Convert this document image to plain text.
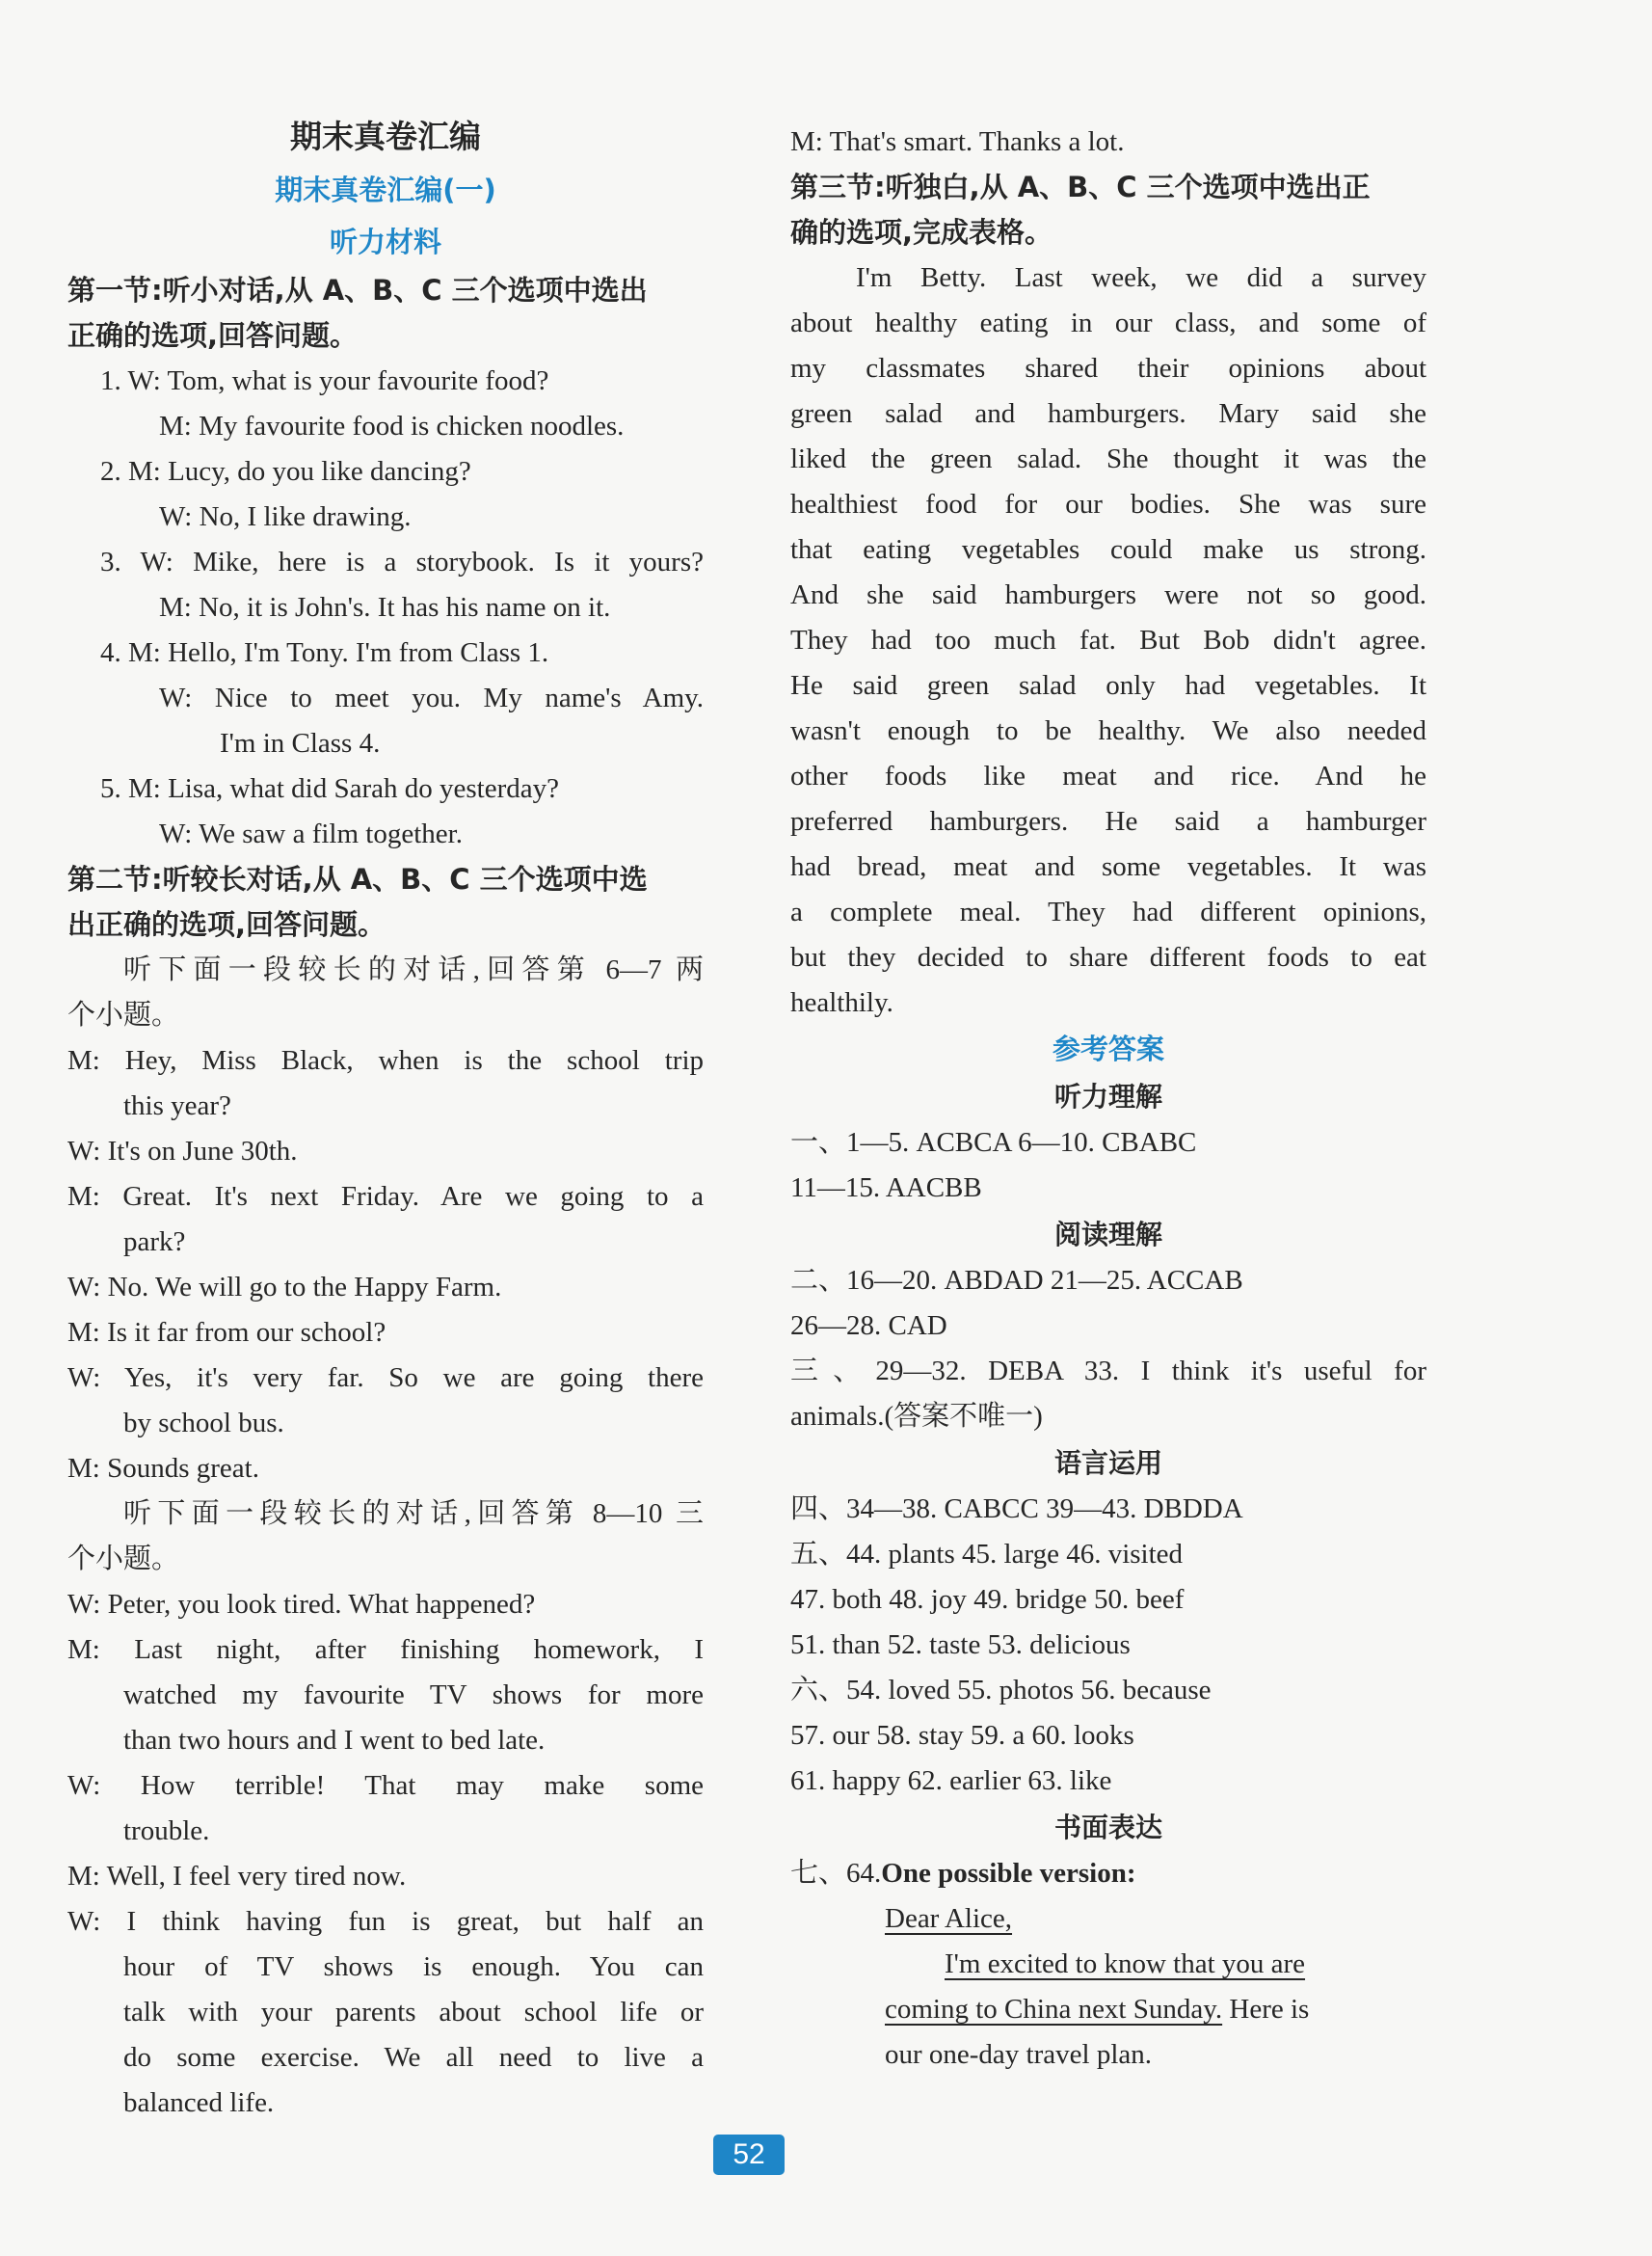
期末真卷汇编
期末真卷汇编(一)
听力材料
第一节:听小对话,从 A、B、C 三个选项中选出
正确的选项,回答问题。
1. W: Tom, what is your favourite food?
M: My favourite food is chicken noodles.
2. M: Lucy, do you like dancing?
W: No, I like drawing.
3. W: Mike, here is a storybook. Is it yours?
M: No, it is John's. It has his name on it.
4. M: Hello, I'm Tony. I'm from Class 1.
W: Nice to meet you. My name's Amy.
I'm in Class 4.
5. M: Lisa, what did Sarah do yesterday?
W: We saw a film together.
第二节:听较长对话,从 A、B、C 三个选项中选
出正确的选项,回答问题。
听下面一段较长的对话,回答第 6—7 两
个小题。
M: Hey, Miss Black, when is the school trip
this year?
W: It's on June 30th.
M: Great. It's next Friday. Are we going to a
park?
W: No. We will go to the Happy Farm.
M: Is it far from our school?
W: Yes, it's very far. So we are going there
by school bus.
M: Sounds great.
听下面一段较长的对话,回答第 8—10 三
个小题。
W: Peter, you look tired. What happened?
M: Last night, after finishing homework, I
watched my favourite TV shows for more
than two hours and I went to bed late.
W: How terrible! That may make some
trouble.
M: Well, I feel very tired now.
W: I think having fun is great, but half an
hour of TV shows is enough. You can
talk with your parents about school life or
do some exercise. We all need to live a
balanced life.
M: That's smart. Thanks a lot.
第三节:听独白,从 A、B、C 三个选项中选出正
确的选项,完成表格。
I'm Betty. Last week, we did a survey
about healthy eating in our class, and some of
my classmates shared their opinions about
green salad and hamburgers. Mary said she
liked the green salad. She thought it was the
healthiest food for our bodies. She was sure
that eating vegetables could make us strong.
And she said hamburgers were not so good.
They had too much fat. But Bob didn't agree.
He said green salad only had vegetables. It
wasn't enough to be healthy. We also needed
other foods like meat and rice. And he
preferred hamburgers. He said a hamburger
had bread, meat and some vegetables. It was
a complete meal. They had different opinions,
but they decided to share different foods to eat
healthily.
参考答案
听力理解
一、1—5. ACBCA 6—10. CBABC
11—15. AACBB
阅读理解
二、16—20. ABDAD 21—25. ACCAB
26—28. CAD
三、29—32. DEBA 33. I think it's useful for
animals.(答案不唯一)
语言运用
四、34—38. CABCC 39—43. DBDDA
五、44. plants 45. large 46. visited
47. both 48. joy 49. bridge 50. beef
51. than 52. taste 53. delicious
六、54. loved 55. photos 56. because
57. our 58. stay 59. a 60. looks
61. happy 62. earlier 63. like
书面表达
七、64.One possible version:
Dear Alice,
I'm excited to know that you are
coming to China next Sunday. Here is
our one-day travel plan.
52
